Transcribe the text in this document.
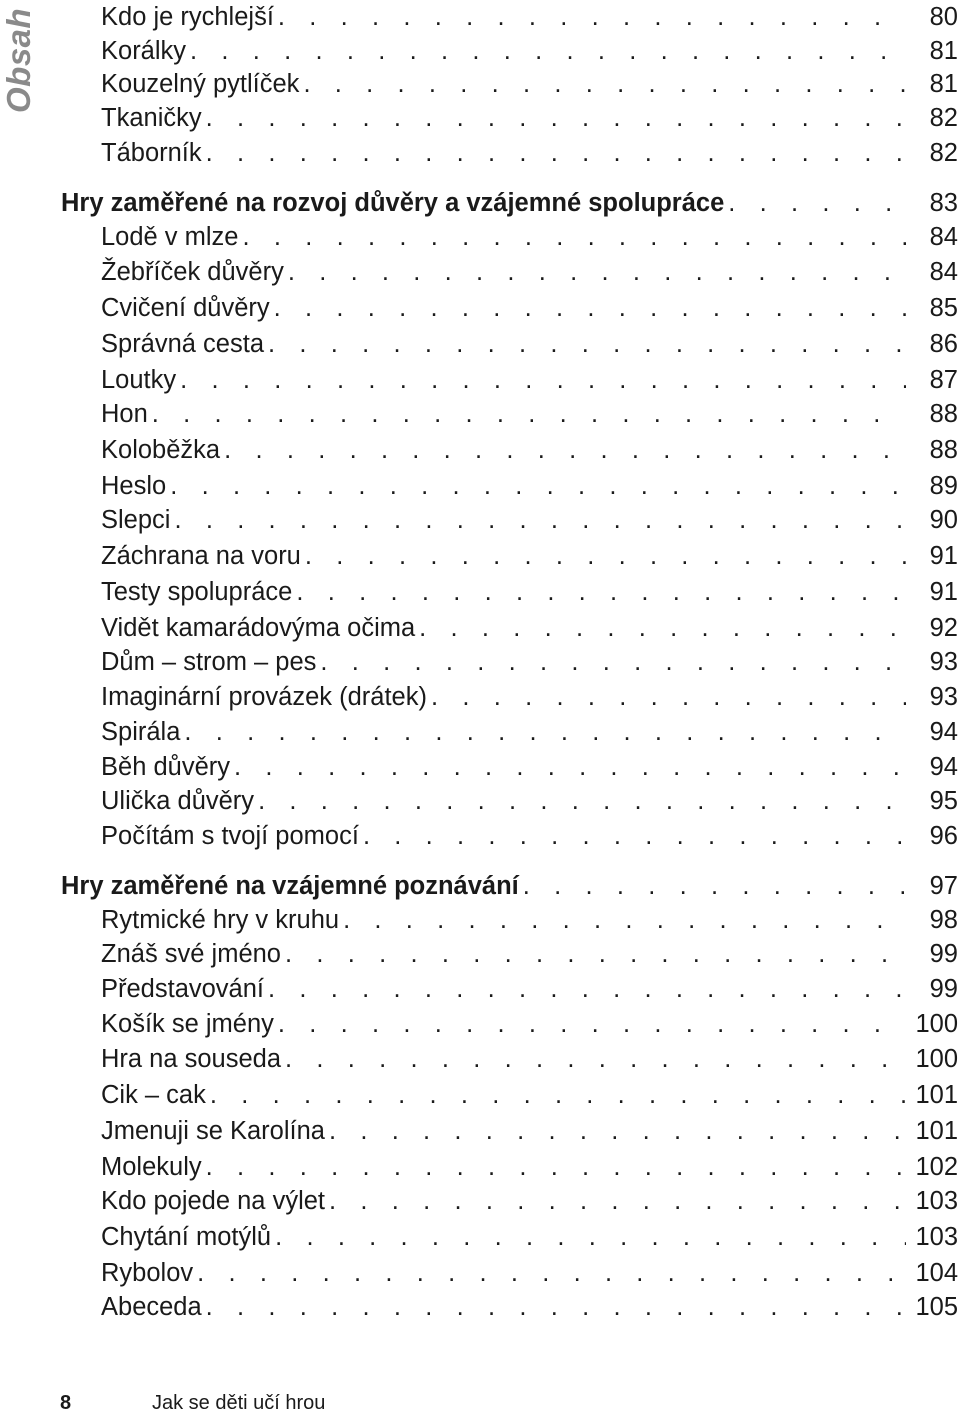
Obsah	Kdo je rychlejší . . .	80
Korálky . . .	81
Kouzelný pytlíček . . .	81
Tkaničky . . .	82
Táborník . . .	82
Hry zaměřené na rozvoj důvěry a vzájemné spolupráce . . .	83
Lodě v mlze . . .	84
Žebříček důvěry . . .	84
Cvičení důvěry . . .	85
Správná cesta . . .	86
Loutky . . .	87
Hon . . .	88
Koloběžka . . .	88
Heslo . . .	89
Slepci . . .	90
Záchrana na voru . . .	91
Testy spolupráce . . .	91
Vidět kamarádovýma očima . . .	92
Dům – strom – pes . . .	93
Imaginární provázek (drátek) . . .	93
Spirála . . .	94
Běh důvěry . . .	94
Ulička důvěry . . .	95
Počítám s tvojí pomocí . . .	96
Hry zaměřené na vzájemné poznávání . . .	97
Rytmické hry v kruhu . . .	98
Znáš své jméno . . .	99
Představování . . .	99
Košík se jmény . . .	100
Hra na souseda . . .	100
Cik – cak . . .	101
Jmenuji se Karolína . . .	101
Molekuly . . .	102
Kdo pojede na výlet . . .	103
Chytání motýlů . . .	103
Rybolov . . .	104
Abeceda . . .	105
8	Jak se děti učí hrou
